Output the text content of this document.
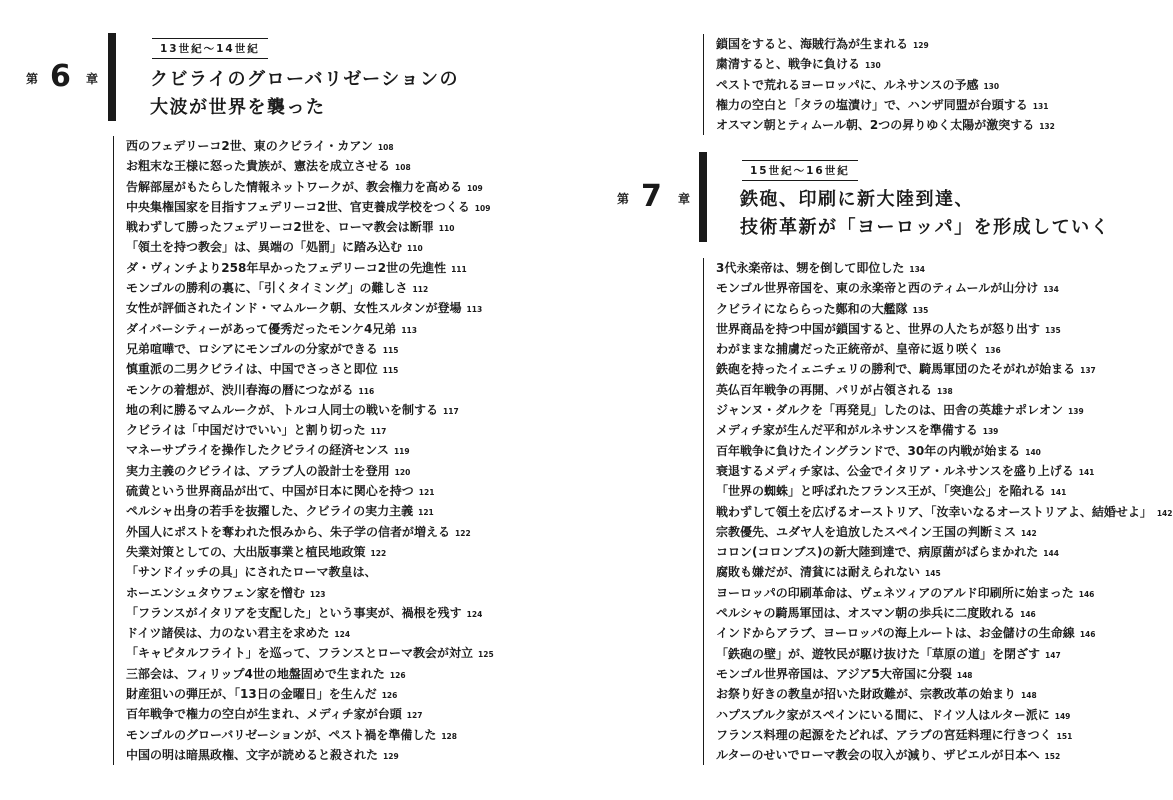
第 6 章
13世紀～14世紀
クビライのグローバリゼーションの
大波が世界を襲った
西のフェデリーコ2世、東のクビライ・カアン 108
お粗末な王様に怒った貴族が、憲法を成立させる 108
告解部屋がもたらした情報ネットワークが、教会権力を高める 109
中央集権国家を目指すフェデリーコ2世、官吏養成学校をつくる 109
戦わずして勝ったフェデリーコ2世を、ローマ教会は断罪 110
「領土を持つ教会」は、異端の「処罰」に踏み込む 110
ダ・ヴィンチより258年早かったフェデリーコ2世の先進性 111
モンゴルの勝利の裏に、「引くタイミング」の難しさ 112
女性が評価されたインド・マムルーク朝、女性スルタンが登場 113
ダイバーシティーがあって優秀だったモンケ4兄弟 113
兄弟喧嘩で、ロシアにモンゴルの分家ができる 115
慎重派の二男クビライは、中国でさっさと即位 115
モンケの着想が、渋川春海の暦につながる 116
地の利に勝るマムルークが、トルコ人同士の戦いを制する 117
クビライは「中国だけでいい」と割り切った 117
マネーサプライを操作したクビライの経済センス 119
実力主義のクビライは、アラブ人の設計士を登用 120
硫黄という世界商品が出て、中国が日本に関心を持つ 121
ペルシャ出身の若手を抜擢した、クビライの実力主義 121
外国人にポストを奪われた恨みから、朱子学の信者が増える 122
失業対策としての、大出版事業と植民地政策 122
「サンドイッチの具」にされたローマ教皇は、
ホーエンシュタウフェン家を憎む 123
「フランスがイタリアを支配した」という事実が、禍根を残す 124
ドイツ諸侯は、力のない君主を求めた 124
「キャピタルフライト」を巡って、フランスとローマ教会が対立 125
三部会は、フィリップ4世の地盤固めで生まれた 126
財産狙いの弾圧が、「13日の金曜日」を生んだ 126
百年戦争で権力の空白が生まれ、メディチ家が台頭 127
モンゴルのグローバリゼーションが、ペスト禍を準備した 128
中国の明は暗黒政権、文字が読めると殺された 129
鎖国をすると、海賊行為が生まれる 129
粛清すると、戦争に負ける 130
ペストで荒れるヨーロッパに、ルネサンスの予感 130
権力の空白と「タラの塩漬け」で、ハンザ同盟が台頭する 131
オスマン朝とティムール朝、2つの昇りゆく太陽が激突する 132
第 7 章
15世紀～16世紀
鉄砲、印刷に新大陸到達、
技術革新が「ヨーロッパ」を形成していく
3代永楽帝は、甥を倒して即位した 134
モンゴル世界帝国を、東の永楽帝と西のティムールが山分け 134
クビライになららった鄭和の大艦隊 135
世界商品を持つ中国が鎖国すると、世界の人たちが怒り出す 135
わがままな捕虜だった正統帝が、皇帝に返り咲く 136
鉄砲を持ったイェニチェリの勝利で、騎馬軍団のたそがれが始まる 137
英仏百年戦争の再開、パリが占領される 138
ジャンヌ・ダルクを「再発見」したのは、田舎の英雄ナポレオン 139
メディチ家が生んだ平和がルネサンスを準備する 139
百年戦争に負けたイングランドで、30年の内戦が始まる 140
衰退するメディチ家は、公金でイタリア・ルネサンスを盛り上げる 141
「世界の蜘蛛」と呼ばれたフランス王が、「突進公」を陥れる 141
戦わずして領土を広げるオーストリア、「汝幸いなるオーストリアよ、結婚せよ」 142
宗教優先、ユダヤ人を追放したスペイン王国の判断ミス 142
コロン(コロンブス)の新大陸到達で、病原菌がばらまかれた 144
腐敗も嫌だが、清貧には耐えられない 145
ヨーロッパの印刷革命は、ヴェネツィアのアルド印刷所に始まった 146
ペルシャの騎馬軍団は、オスマン朝の歩兵に二度敗れる 146
インドからアラブ、ヨーロッパの海上ルートは、お金儲けの生命線 146
「鉄砲の壁」が、遊牧民が駆け抜けた「草原の道」を閉ざす 147
モンゴル世界帝国は、アジア5大帝国に分裂 148
お祭り好きの教皇が招いた財政難が、宗教改革の始まり 148
ハプスブルク家がスペインにいる間に、ドイツ人はルター派に 149
フランス料理の起源をたどれば、アラブの宮廷料理に行きつく 151
ルターのせいでローマ教会の収入が減り、ザビエルが日本へ 152
